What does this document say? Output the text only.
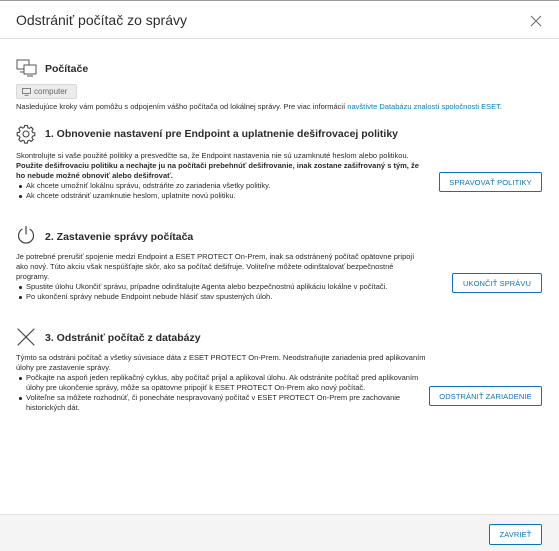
Odstrániť počítač zo správy
Počítače
computer
Nasledujúce kroky vám pomôžu s odpojením vášho počítača od lokálnej správy. Pre viac informácií navštívte Databázu znalostí spoločnosti ESET.
1. Obnovenie nastavení pre Endpoint a uplatnenie dešifrovacej politiky
Skontrolujte si vaše použité politiky a presvedčte sa, že Endpoint nastavenia nie sú uzamknuté heslom alebo politikou. Použite dešifrovaciu politiku a nechajte ju na počítači prebehnúť dešifrovanie, inak zostane zašifrovaný s tým, že ho nebude možné obnoviť alebo dešifrovať.
Ak chcete umožniť lokálnu správu, odstráňte zo zariadenia všetky politiky.
Ak chcete odstrániť uzamknutie heslom, uplatnite novú politiku.
SPRAVOVAŤ POLITIKY
2. Zastavenie správy počítača
Je potrebné prerušiť spojenie medzi Endpoint a ESET PROTECT On-Prem, inak sa odstránený počítač opätovne pripojí ako nový. Túto akciu však nespúšťajte skôr, ako sa počítač dešifruje. Voliteľne môžete odinštalovať bezpečnostné programy.
Spustite úlohu Ukončiť správu, prípadne odinštalujte Agenta alebo bezpečnostnú aplikáciu lokálne v počítači.
Po ukončení správy nebude Endpoint nebude hlásiť stav spustených úloh.
UKONČIŤ SPRÁVU
3. Odstrániť počítač z databázy
Týmto sa odstráni počítač a všetky súvisiace dáta z ESET PROTECT On-Prem. Neodstraňujte zariadenia pred aplikovaním úlohy pre zastavenie správy.
Počkajte na aspoň jeden replikačný cyklus, aby počítač prijal a aplikoval úlohu. Ak odstránite počítač pred aplikovaním úlohy pre ukončenie správy, môže sa opätovne pripojiť k ESET PROTECT On-Prem ako nový počítač.
Voliteľne sa môžete rozhodnúť, či ponecháte nespravovaný počítač v ESET PROTECT On-Prem pre zachovanie historických dát.
ODSTRÁNIŤ ZARIADENIE
ZAVRIEŤ
